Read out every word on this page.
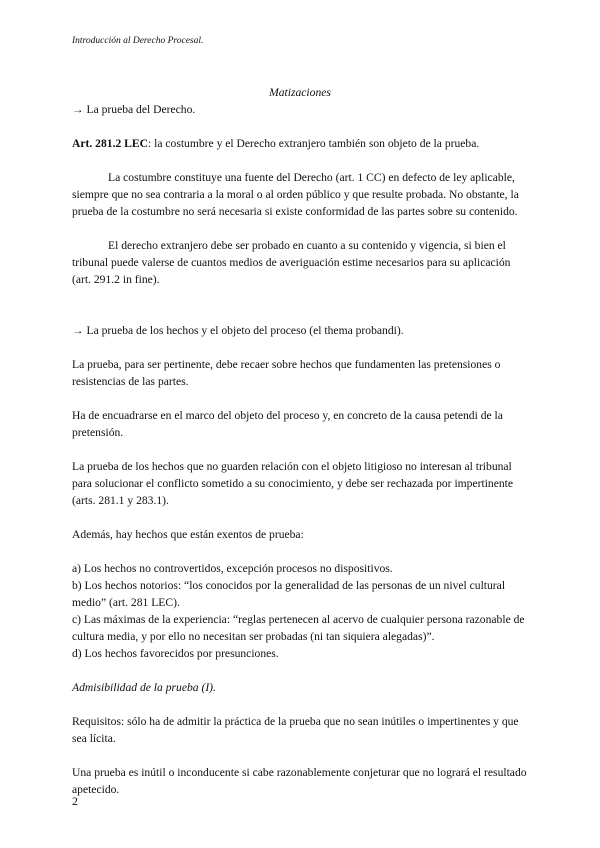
Introducción al Derecho Procesal.

Matizaciones

→ La prueba del Derecho.

Art. 281.2 LEC: la costumbre y el Derecho extranjero también son objeto de la prueba.

La costumbre constituye una fuente del Derecho (art. 1 CC) en defecto de ley aplicable, siempre que no sea contraria a la moral o al orden público y que resulte probada. No obstante, la prueba de la costumbre no será necesaria si existe conformidad de las partes sobre su contenido.

El derecho extranjero debe ser probado en cuanto a su contenido y vigencia, si bien el tribunal puede valerse de cuantos medios de averiguación estime necesarios para su aplicación (art. 291.2 in fine).

→ La prueba de los hechos y el objeto del proceso (el thema probandi).

La prueba, para ser pertinente, debe recaer sobre hechos que fundamenten las pretensiones o resistencias de las partes.

Ha de encuadrarse en el marco del objeto del proceso y, en concreto de la causa petendi de la pretensión.

La prueba de los hechos que no guarden relación con el objeto litigioso no interesan al tribunal para solucionar el conflicto sometido a su conocimiento, y debe ser rechazada por impertinente (arts. 281.1 y 283.1).

Además, hay hechos que están exentos de prueba:

a) Los hechos no controvertidos, excepción procesos no dispositivos.

b) Los hechos notorios: “los conocidos por la generalidad de las personas de un nivel cultural medio” (art. 281 LEC).

c) Las máximas de la experiencia: “reglas pertenecen al acervo de cualquier persona razonable de cultura media, y por ello no necesitan ser probadas (ni tan siquiera alegadas)”.

d) Los hechos favorecidos por presunciones.

Admisibilidad de la prueba (I).

Requisitos: sólo ha de admitir la práctica de la prueba que no sean inútiles o impertinentes y que sea lícita.

Una prueba es inútil o inconducente si cabe razonablemente conjeturar que no logrará el resultado apetecido.

2
